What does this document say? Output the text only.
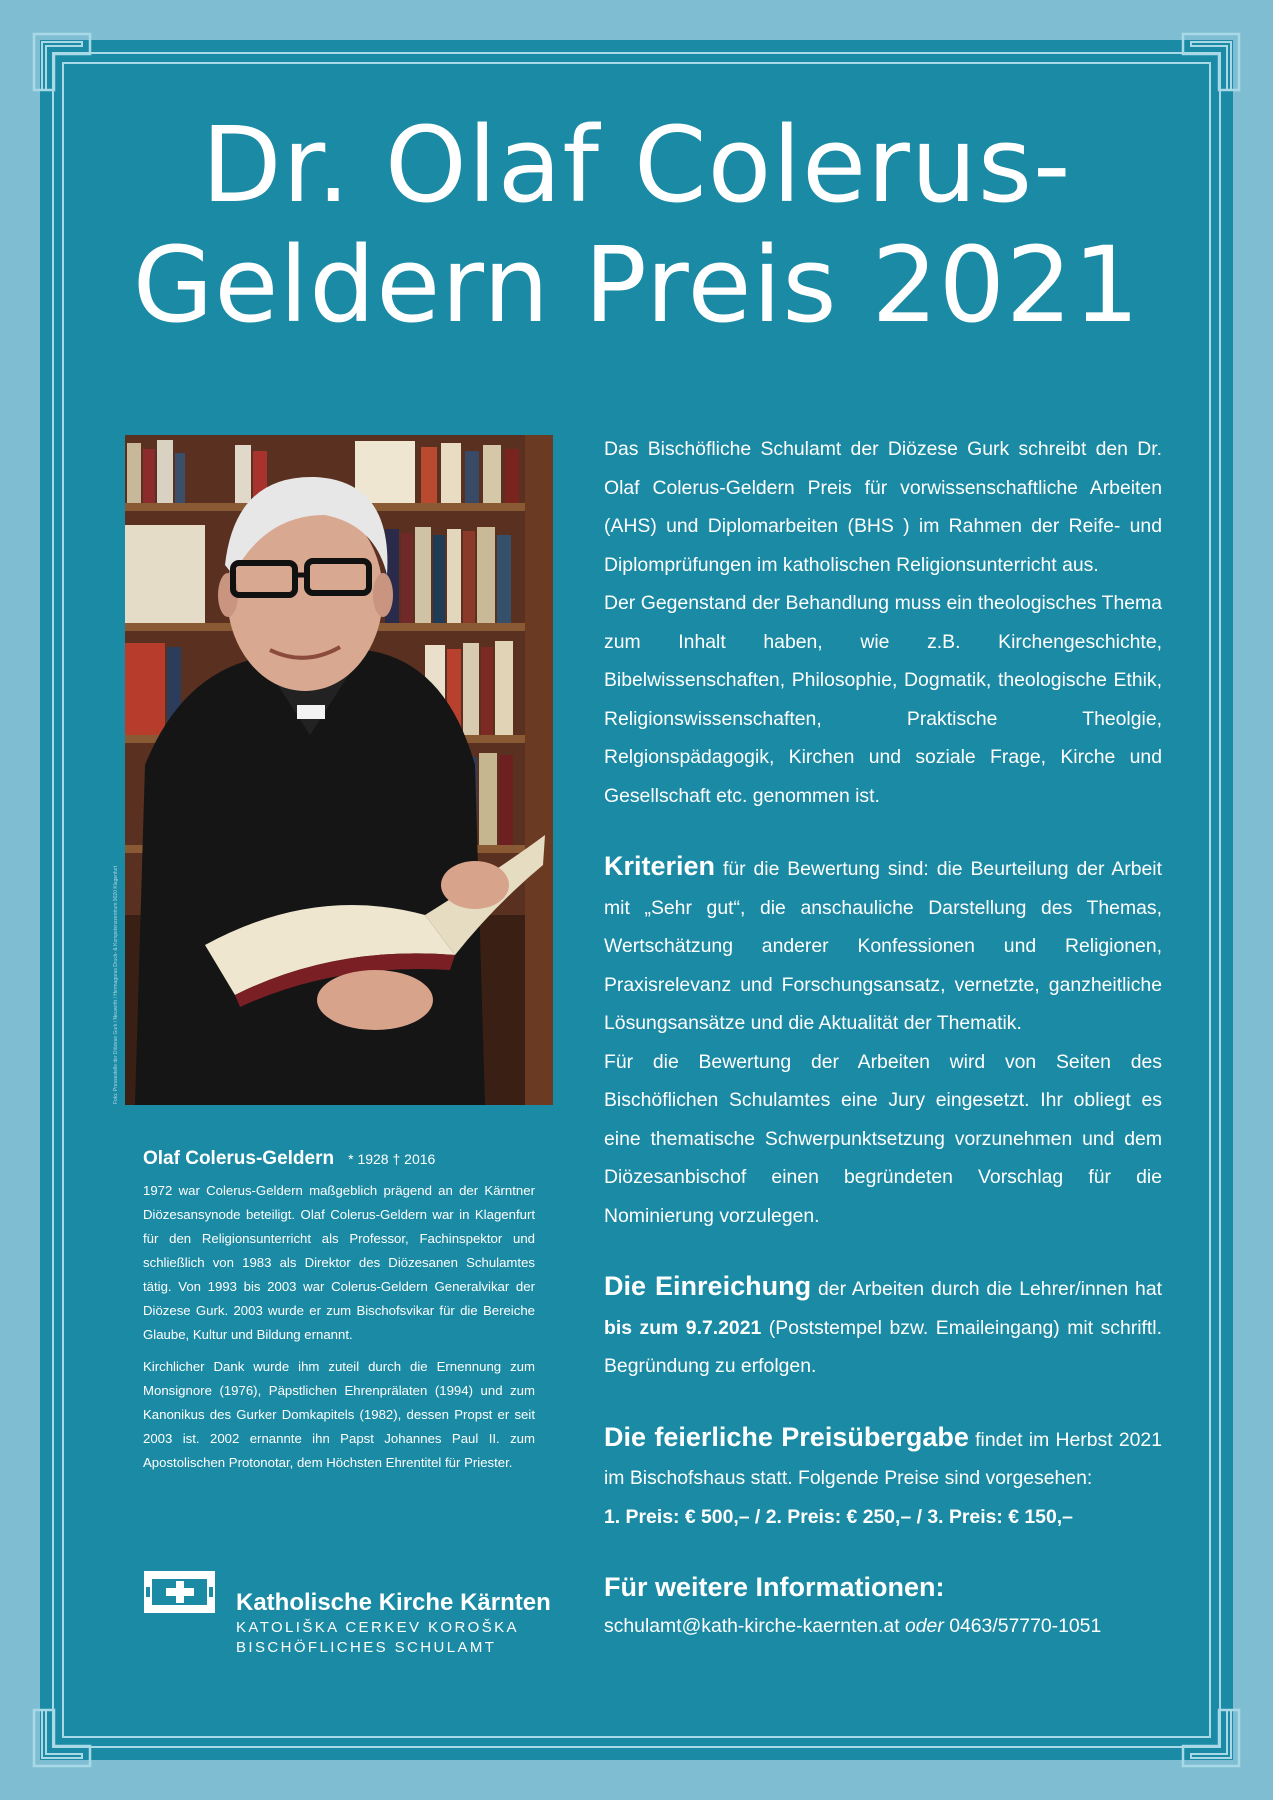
Dr. Olaf Colerus-
Geldern Preis 2021
Olaf Colerus-Geldern * 1928 † 2016

1972 war Colerus-Geldern maßgeblich prägend an der Kärntner Diözesansynode beteiligt. Olaf Colerus-Geldern war in Klagenfurt für den Religionsunterricht als Professor, Fachinspektor und schließlich von 1983 als Direktor des Diözesanen Schulamtes tätig. Von 1993 bis 2003 war Colerus-Geldern Generalvikar der Diözese Gurk. 2003 wurde er zum Bischofsvikar für die Bereiche Glaube, Kultur und Bildung ernannt.

Kirchlicher Dank wurde ihm zuteil durch die Ernennung zum Monsignore (1976), Päpstlichen Ehrenprälaten (1994) und zum Kanonikus des Gurker Domkapitels (1982), dessen Propst er seit 2003 ist. 2002 ernannte ihn Papst Johannes Paul II. zum Apostolischen Protonotar, dem Höchsten Ehrentitel für Priester.

Katholische Kirche Kärnten
KATOLIŠKA CERKEV KOROŠKA
BISCHÖFLICHES SCHULAMT

Das Bischöfliche Schulamt der Diözese Gurk schreibt den Dr. Olaf Colerus-Geldern Preis für vorwissenschaftliche Arbeiten (AHS) und Diplomarbeiten (BHS ) im Rahmen der Reife- und Diplomprüfungen im katholischen Religionsunterricht aus.

Der Gegenstand der Behandlung muss ein theologisches Thema zum Inhalt haben, wie z.B. Kirchengeschichte, Bibelwissenschaften, Philosophie, Dogmatik, theologische Ethik, Religionswissenschaften, Praktische Theolgie, Relgionspädagogik, Kirchen und soziale Frage, Kirche und Gesellschaft etc. genommen ist.

Kriterien für die Bewertung sind: die Beurteilung der Arbeit mit „Sehr gut“, die anschauliche Darstellung des Themas, Wertschätzung anderer Konfessionen und Religionen, Praxisrelevanz und Forschungsansatz, vernetzte, ganzheitliche Lösungsansätze und die Aktualität der Thematik.

Für die Bewertung der Arbeiten wird von Seiten des Bischöflichen Schulamtes eine Jury eingesetzt. Ihr obliegt es eine thematische Schwerpunktsetzung vorzunehmen und dem Diözesanbischof einen begründeten Vorschlag für die Nominierung vorzulegen.

Die Einreichung der Arbeiten durch die Lehrer/innen hat bis zum 9.7.2021 (Poststempel bzw. Emaileingang) mit schriftl. Begründung zu erfolgen.

Die feierliche Preisübergabe findet im Herbst 2021 im Bischofshaus statt. Folgende Preise sind vorgesehen:

1. Preis: € 500,– / 2. Preis: € 250,– / 3. Preis: € 150,–

Für weitere Informationen:

schulamt@kath-kirche-kaernten.at oder 0463/57770-1051
